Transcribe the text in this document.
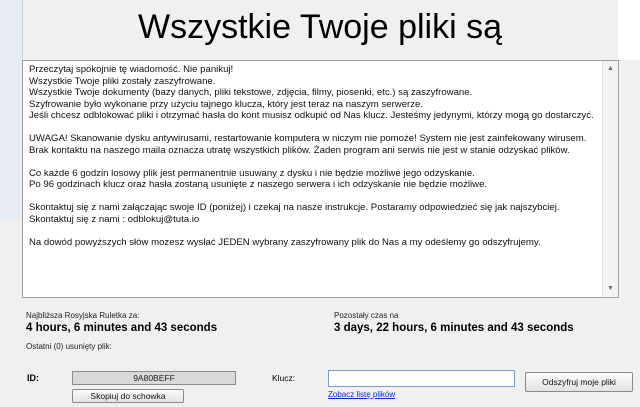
Wszystkie Twoje pliki są

Przeczytaj spokojnie tę wiadomość. Nie panikuj!

Wszystkie Twoje pliki zostały zaszyfrowane.

Wszystkie Twoje dokumenty (bazy danych, pliki tekstowe, zdjęcia, filmy, piosenki, etc.) są zaszyfrowane.

Szyfrowanie było wykonane przy użyciu tajnego klucza, który jest teraz na naszym serwerze.

Jeśli chcesz odblokować pliki i otrzymać hasła do kont musisz odkupić od Nas klucz. Jesteśmy jedynymi, którzy mogą go dostarczyć.

UWAGA! Skanowanie dysku antywirusami, restartowanie komputera w niczym nie pomoże! System nie jest zainfekowany wirusem.

Brak kontaktu na naszego maila oznacza utratę wszystkich plików. Żaden program ani serwis nie jest w stanie odzyskać plików.

Co każde 6 godzin losowy plik jest permanentnie usuwany z dysku i nie będzie możliwe jego odzyskanie.

Po 96 godzinach klucz oraz hasła zostaną usunięte z naszego serwera i ich odzyskanie nie będzie możliwe.

Skontaktuj się z nami załączając swoje ID (poniżej) i czekaj na nasze instrukcje. Postaramy odpowiedzieć się jak najszybciej.

Skontaktuj się z nami : odblokuj@tuta.io

Na dowód powyższych słów mozesz wysłać JEDEN wybrany zaszyfrowany plik do Nas a my odeślemy go odszyfrujemy.

▲
▼
Najbliższa Rosyjska Ruletka za:
4 hours, 6 minutes and 43 seconds
Pozostały czas na
3 days, 22 hours, 6 minutes and 43 seconds
Ostatni (0) usunięty plik:
ID:	9A80BEFF
Skopiuj do schowka
Klucz:	Odszyfruj moje pliki
Zobacz listę plików
